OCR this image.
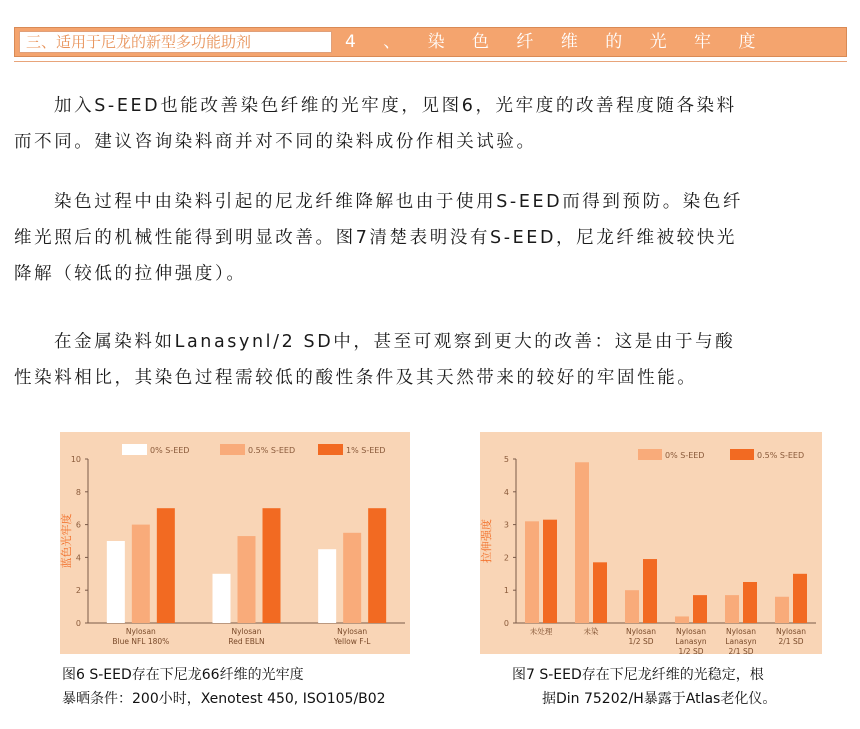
三、适用于尼龙的新型多功能助剂	4 、 染 色 纤 维 的 光 牢 度

加入S-EED也能改善染色纤维的光牢度，见图6，光牢度的改善程度随各染料
而不同。建议咨询染料商并对不同的染料成份作相关试验。

染色过程中由染料引起的尼龙纤维降解也由于使用S-EED而得到预防。染色纤
维光照后的机械性能得到明显改善。图7清楚表明没有S-EED，尼龙纤维被较快光
降解（较低的拉伸强度）。

在金属染料如Lanasynl/2 SD中，甚至可观察到更大的改善：这是由于与酸
性染料相比，其染色过程需较低的酸性条件及其天然带来的较好的牢固性能。

0
2
4
6
8
10
蓝色光牢度
Nylosan
Blue NFL 180%
Nylosan
Red EBLN
Nylosan
Yellow F-L
0% S-EED	0.5% S-EED	1% S-EED
0
1
2
3
4
5
拉伸强度
未处理	未染	Nylosan
1/2 SD
Nylosan
Lanasyn
1/2 SD
Nylosan
Lanasyn
2/1 SD
Nylosan
2/1 SD
0% S-EED	0.5% S-EED
图6 S-EED存在下尼龙66纤维的光牢度
暴晒条件：200小时，Xenotest 450, ISO105/B02
图7 S-EED存在下尼龙纤维的光稳定，根
据Din 75202/H暴露于Atlas老化仪。
